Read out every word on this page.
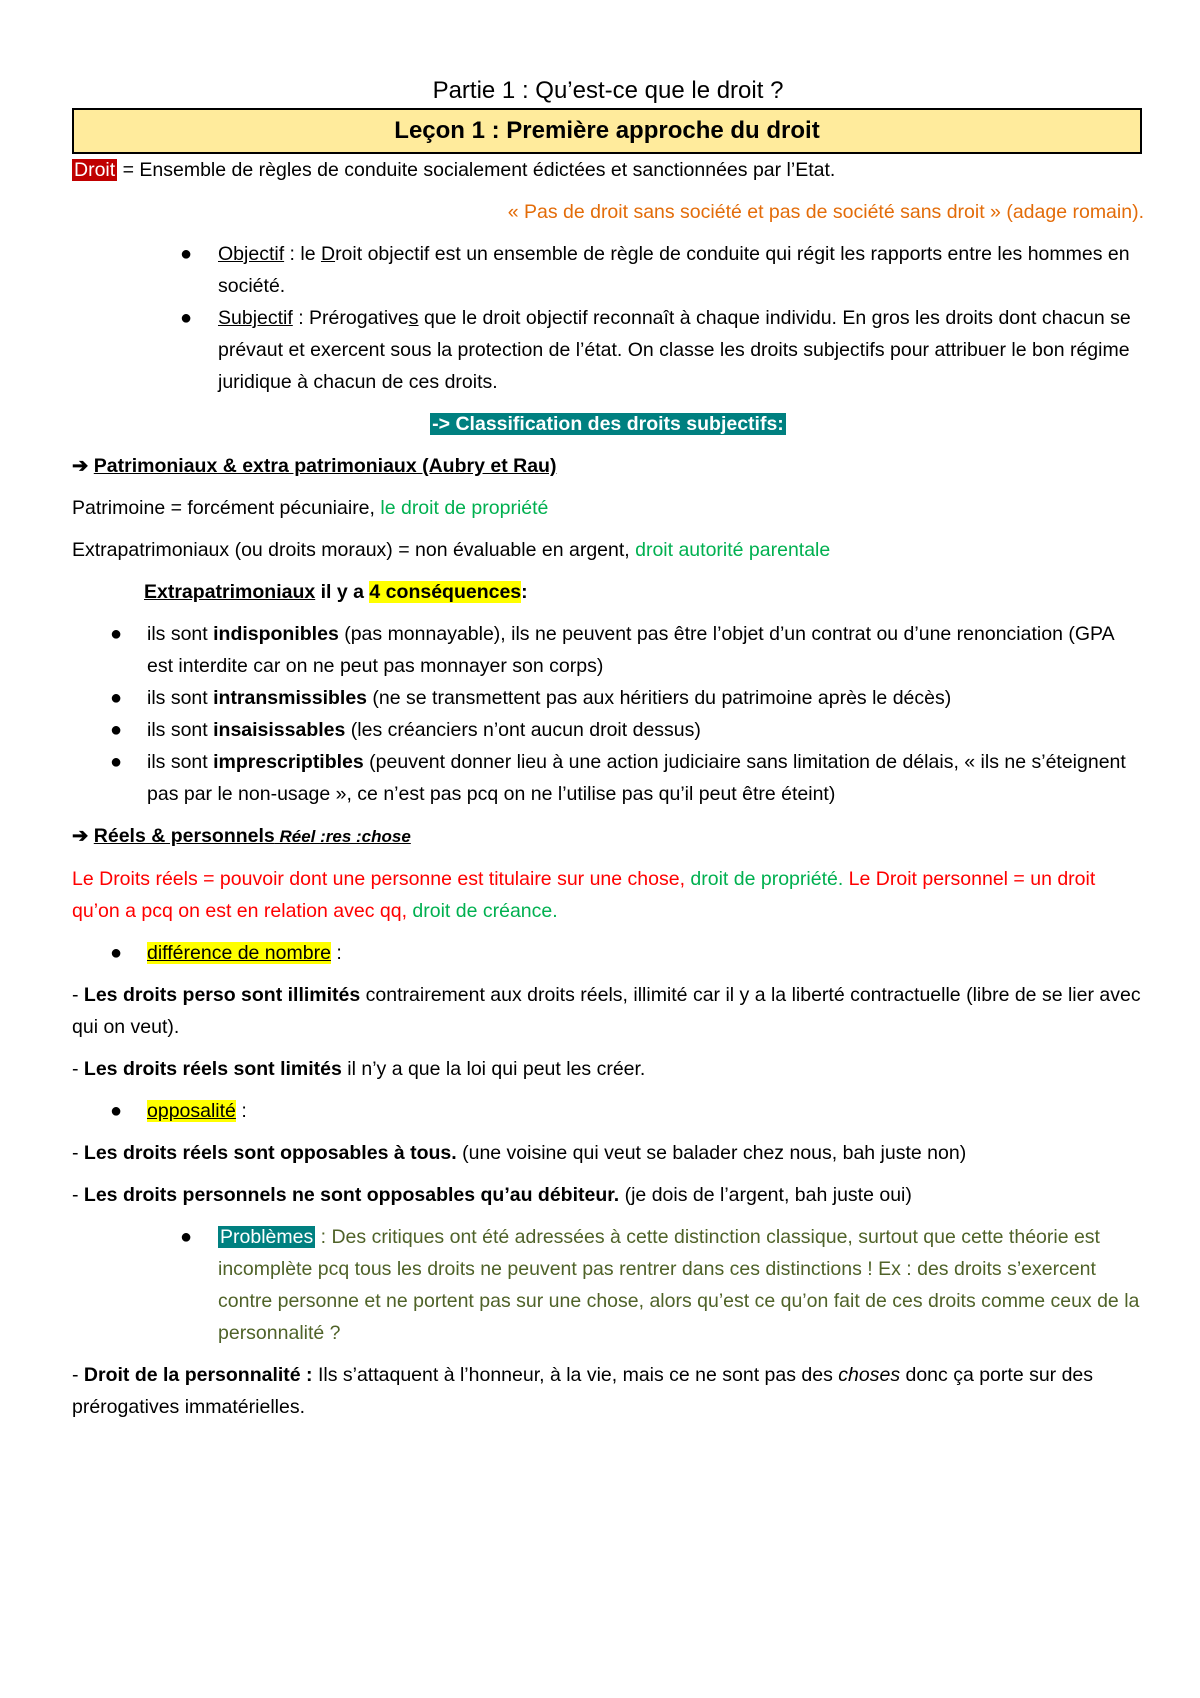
Partie 1 : Qu’est-ce que le droit ?

Leçon 1 : Première approche du droit

Droit = Ensemble de règles de conduite socialement édictées et sanctionnées par l’Etat.

« Pas de droit sans société et pas de société sans droit » (adage romain).

● Objectif : le Droit objectif est un ensemble de règle de conduite qui régit les rapports entre les hommes en société.
● Subjectif : Prérogatives que le droit objectif reconnaît à chaque individu. En gros les droits dont chacun se prévaut et exercent sous la protection de l’état. On classe les droits subjectifs pour attribuer le bon régime juridique à chacun de ces droits.

-> Classification des droits subjectifs:

➔ Patrimoniaux & extra patrimoniaux (Aubry et Rau)

Patrimoine = forcément pécuniaire, le droit de propriété

Extrapatrimoniaux (ou droits moraux) = non évaluable en argent, droit autorité parentale

Extrapatrimoniaux il y a 4 conséquences:

● ils sont indisponibles (pas monnayable), ils ne peuvent pas être l’objet d’un contrat ou d’une renonciation (GPA est interdite car on ne peut pas monnayer son corps)
● ils sont intransmissibles (ne se transmettent pas aux héritiers du patrimoine après le décès)
● ils sont insaisissables (les créanciers n’ont aucun droit dessus)
● ils sont imprescriptibles (peuvent donner lieu à une action judiciaire sans limitation de délais, « ils ne s’éteignent pas par le non-usage », ce n’est pas pcq on ne l’utilise pas qu’il peut être éteint)

➔ Réels & personnels Réel :res :chose

Le Droits réels = pouvoir dont une personne est titulaire sur une chose, droit de propriété. Le Droit personnel = un droit qu’on a pcq on est en relation avec qq, droit de créance.

● différence de nombre :

- Les droits perso sont illimités contrairement aux droits réels, illimité car il y a la liberté contractuelle (libre de se lier avec qui on veut).

- Les droits réels sont limités il n’y a que la loi qui peut les créer.

● opposalité :

- Les droits réels sont opposables à tous. (une voisine qui veut se balader chez nous, bah juste non)

- Les droits personnels ne sont opposables qu’au débiteur. (je dois de l’argent, bah juste oui)

● Problèmes : Des critiques ont été adressées à cette distinction classique, surtout que cette théorie est incomplète pcq tous les droits ne peuvent pas rentrer dans ces distinctions ! Ex : des droits s’exercent contre personne et ne portent pas sur une chose, alors qu’est ce qu’on fait de ces droits comme ceux de la personnalité ?

- Droit de la personnalité : Ils s’attaquent à l’honneur, à la vie, mais ce ne sont pas des choses donc ça porte sur des prérogatives immatérielles.
